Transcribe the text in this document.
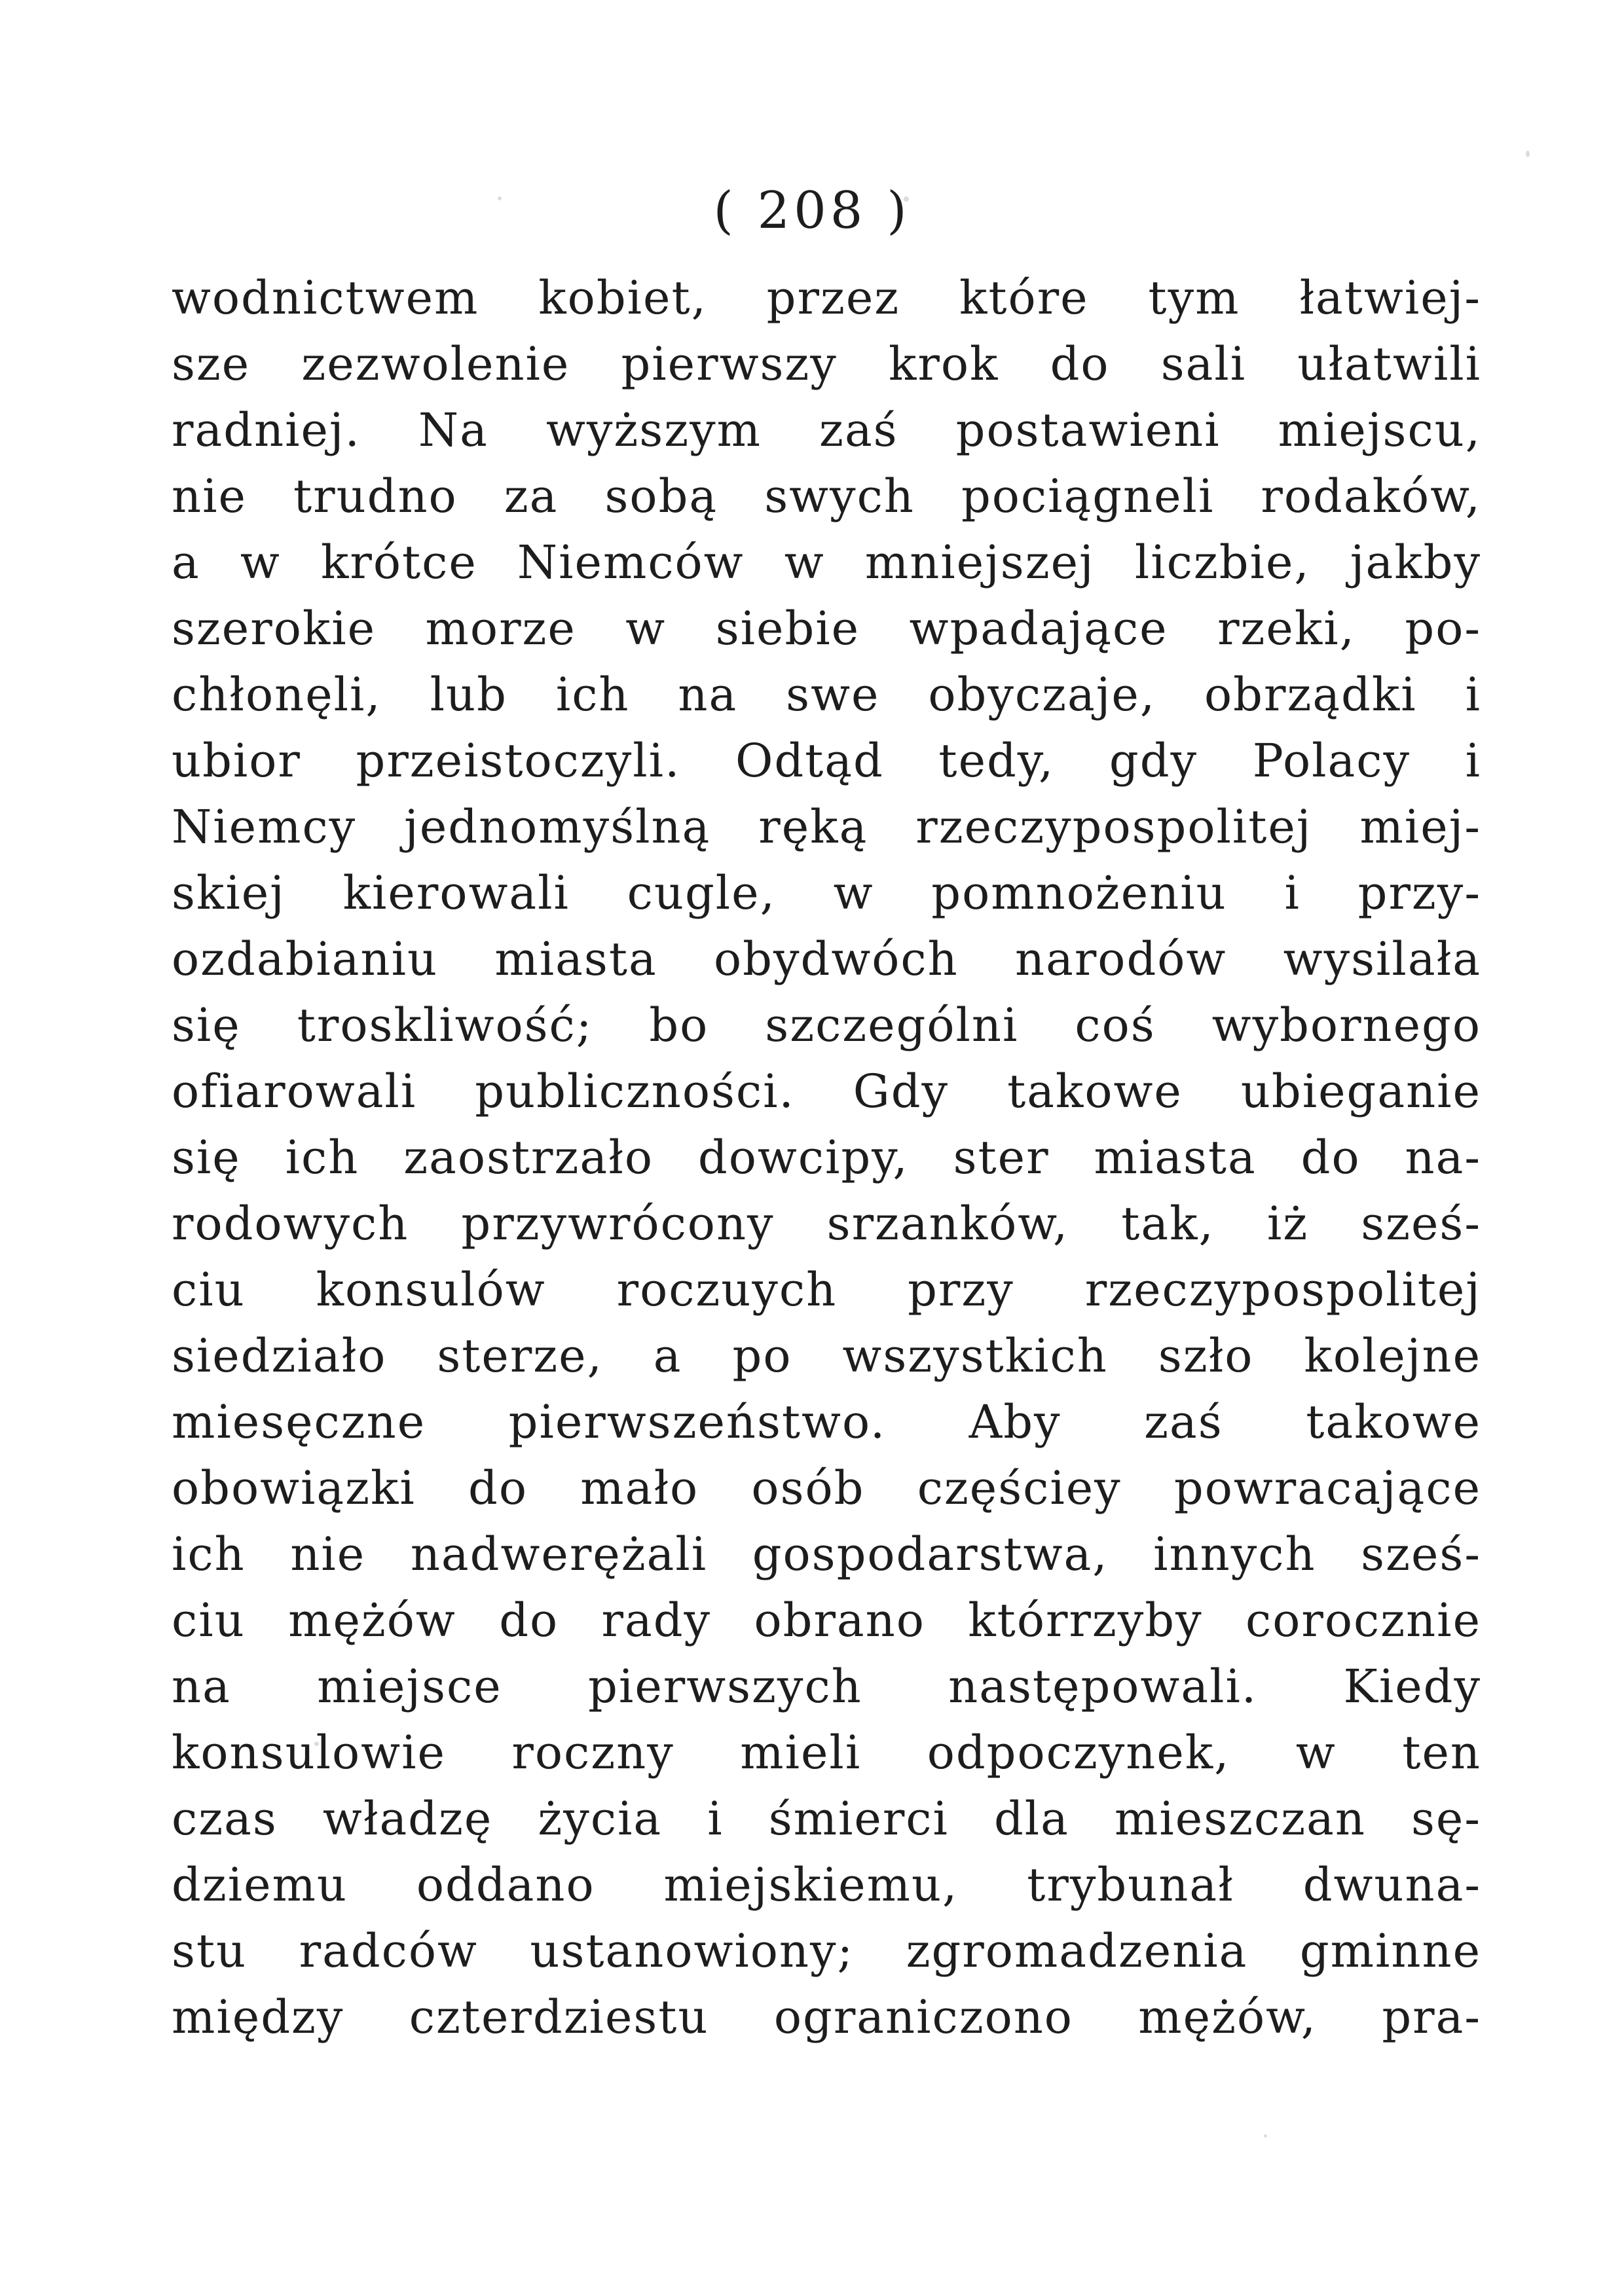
( 208 )
wodnictwem kobiet, przez które tym łatwiej-
sze zezwolenie pierwszy krok do sali ułatwili
radniej. Na wyższym zaś postawieni miejscu,
nie trudno za sobą swych pociągneli rodaków,
a w krótce Niemców w mniejszej liczbie, jakby
szerokie morze w siebie wpadające rzeki, po-
chłonęli, lub ich na swe obyczaje, obrządki i
ubior przeistoczyli. Odtąd tedy, gdy Polacy i
Niemcy jednomyślną ręką rzeczypospolitej miej-
skiej kierowali cugle, w pomnożeniu i przy-
ozdabianiu miasta obydwóch narodów wysilała
się troskliwość; bo szczególni coś wybornego
ofiarowali publiczności. Gdy takowe ubieganie
się ich zaostrzało dowcipy, ster miasta do na-
rodowych przywrócony srzanków, tak, iż sześ-
ciu konsulów roczuych przy rzeczypospolitej
siedziało sterze, a po wszystkich szło kolejne
miesęczne pierwszeństwo. Aby zaś takowe
obowiązki do mało osób częściey powracające
ich nie nadwerężali gospodarstwa, innych sześ-
ciu mężów do rady obrano którrzyby corocznie
na miejsce pierwszych następowali. Kiedy
konsulowie roczny mieli odpoczynek, w ten
czas władzę życia i śmierci dla mieszczan sę-
dziemu oddano miejskiemu, trybunał dwuna-
stu radców ustanowiony; zgromadzenia gminne
między czterdziestu ograniczono mężów, pra-
